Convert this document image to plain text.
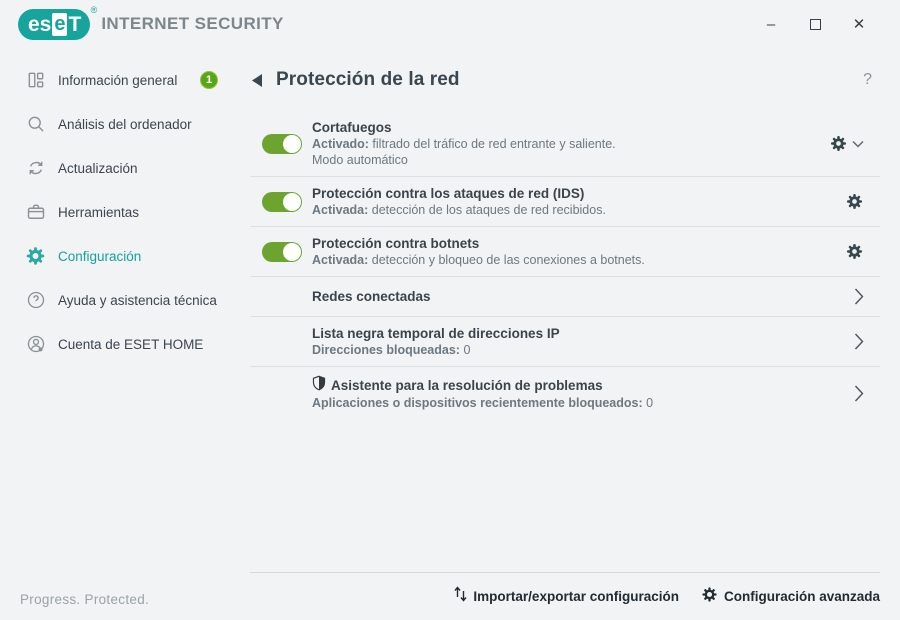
es e T
®
INTERNET SECURITY	–	✕
Información general	1
Análisis del ordenador
Actualización
Herramientas
Configuración
Ayuda y asistencia técnica
Cuenta de ESET HOME
Progress. Protected.
Protección de la red	?
Cortafuegos
Activado: filtrado del tráfico de red entrante y saliente.
Modo automático
Protección contra los ataques de red (IDS)
Activada: detección de los ataques de red recibidos.
Protección contra botnets
Activada: detección y bloqueo de las conexiones a botnets.
Redes conectadas
Lista negra temporal de direcciones IP
Direcciones bloqueadas: 0
Asistente para la resolución de problemas
Aplicaciones o dispositivos recientemente bloqueados: 0
Importar/exportar configuración	Configuración avanzada
